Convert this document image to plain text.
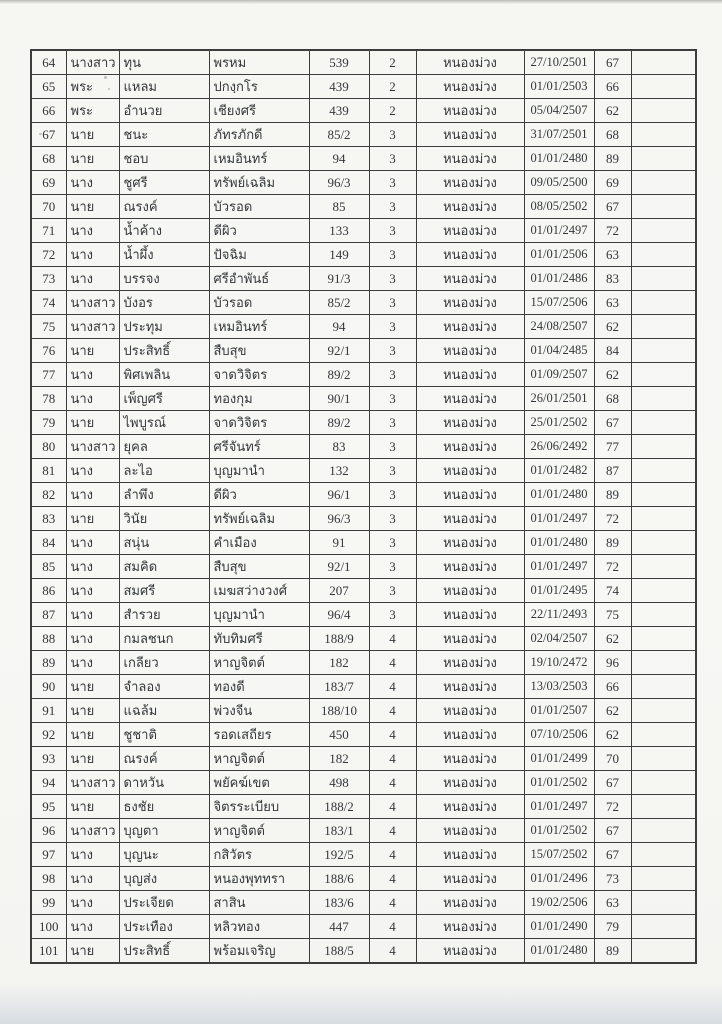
64	นางสาว	ทุน	พรหม	539	2	หนองม่วง	27/10/2501	67	
65	พระ	แหลม	ปกงฺกโร	439	2	หนองม่วง	01/01/2503	66	
66	พระ	อำนวย	เชียงศรี	439	2	หนองม่วง	05/04/2507	62	
67	นาย	ชนะ	ภัทรภักดี	85/2	3	หนองม่วง	31/07/2501	68	
68	นาย	ชอบ	เหมอินทร์	94	3	หนองม่วง	01/01/2480	89	
69	นาง	ชูศรี	ทรัพย์เฉลิม	96/3	3	หนองม่วง	09/05/2500	69	
70	นาย	ณรงค์	บัวรอด	85	3	หนองม่วง	08/05/2502	67	
71	นาง	น้ำค้าง	ดีผิว	133	3	หนองม่วง	01/01/2497	72	
72	นาง	น้ำผึ้ง	ปัจฉิม	149	3	หนองม่วง	01/01/2506	63	
73	นาง	บรรจง	ศรีอำพันธ์	91/3	3	หนองม่วง	01/01/2486	83	
74	นางสาว	บังอร	บัวรอด	85/2	3	หนองม่วง	15/07/2506	63	
75	นางสาว	ประทุม	เหมอินทร์	94	3	หนองม่วง	24/08/2507	62	
76	นาย	ประสิทธิ์	สืบสุข	92/1	3	หนองม่วง	01/04/2485	84	
77	นาง	พิศเพลิน	จาดวิจิตร	89/2	3	หนองม่วง	01/09/2507	62	
78	นาง	เพ็ญศรี	ทองกุม	90/1	3	หนองม่วง	26/01/2501	68	
79	นาย	ไพบูรณ์	จาดวิจิตร	89/2	3	หนองม่วง	25/01/2502	67	
80	นางสาว	ยุคล	ศรีจันทร์	83	3	หนองม่วง	26/06/2492	77	
81	นาง	ละไอ	บุญมานำ	132	3	หนองม่วง	01/01/2482	87	
82	นาง	ลำพึง	ดีผิว	96/1	3	หนองม่วง	01/01/2480	89	
83	นาย	วินัย	ทรัพย์เฉลิม	96/3	3	หนองม่วง	01/01/2497	72	
84	นาง	สนุ่น	คำเมือง	91	3	หนองม่วง	01/01/2480	89	
85	นาง	สมคิด	สืบสุข	92/1	3	หนองม่วง	01/01/2497	72	
86	นาง	สมศรี	เมฆสว่างวงศ์	207	3	หนองม่วง	01/01/2495	74	
87	นาง	สำรวย	บุญมานำ	96/4	3	หนองม่วง	22/11/2493	75	
88	นาง	กมลชนก	ทับทิมศรี	188/9	4	หนองม่วง	02/04/2507	62	
89	นาง	เกลียว	หาญจิตต์	182	4	หนองม่วง	19/10/2472	96	
90	นาย	จำลอง	ทองดี	183/7	4	หนองม่วง	13/03/2503	66	
91	นาย	แฉล้ม	พ่วงจีน	188/10	4	หนองม่วง	01/01/2507	62	
92	นาย	ชูชาติ	รอดเสถียร	450	4	หนองม่วง	07/10/2506	62	
93	นาย	ณรงค์	หาญจิตต์	182	4	หนองม่วง	01/01/2499	70	
94	นางสาว	ดาหวัน	พยัคฆ์เขต	498	4	หนองม่วง	01/01/2502	67	
95	นาย	ธงชัย	จิตรระเบียบ	188/2	4	หนองม่วง	01/01/2497	72	
96	นางสาว	บุญตา	หาญจิตต์	183/1	4	หนองม่วง	01/01/2502	67	
97	นาง	บุญนะ	กสิวัตร	192/5	4	หนองม่วง	15/07/2502	67	
98	นาง	บุญส่ง	หนองพุททรา	188/6	4	หนองม่วง	01/01/2496	73	
99	นาง	ประเจียด	สาสิน	183/6	4	หนองม่วง	19/02/2506	63	
100	นาง	ประเทือง	หลิวทอง	447	4	หนองม่วง	01/01/2490	79	
101	นาย	ประสิทธิ์	พร้อมเจริญ	188/5	4	หนองม่วง	01/01/2480	89	
